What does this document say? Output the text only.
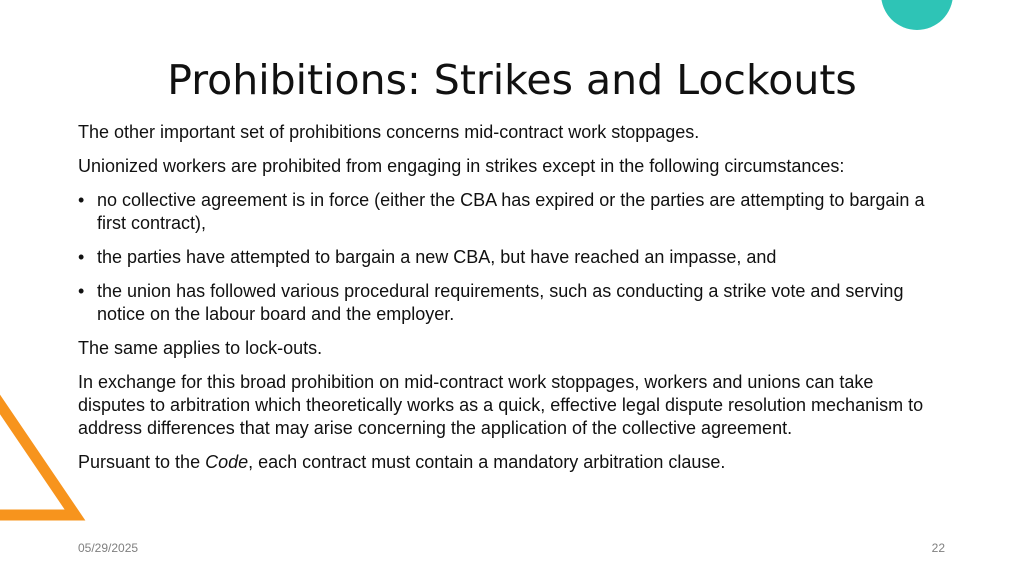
Prohibitions: Strikes and Lockouts

The other important set of prohibitions concerns mid-contract work stoppages.

Unionized workers are prohibited from engaging in strikes except in the following circumstances:

• no collective agreement is in force (either the CBA has expired or the parties are attempting to bargain a first contract),
• the parties have attempted to bargain a new CBA, but have reached an impasse, and
• the union has followed various procedural requirements, such as conducting a strike vote and serving notice on the labour board and the employer.

The same applies to lock-outs.

In exchange for this broad prohibition on mid-contract work stoppages, workers and unions can take disputes to arbitration which theoretically works as a quick, effective legal dispute resolution mechanism to address differences that may arise concerning the application of the collective agreement.

Pursuant to the Code, each contract must contain a mandatory arbitration clause.

05/29/2025	22
